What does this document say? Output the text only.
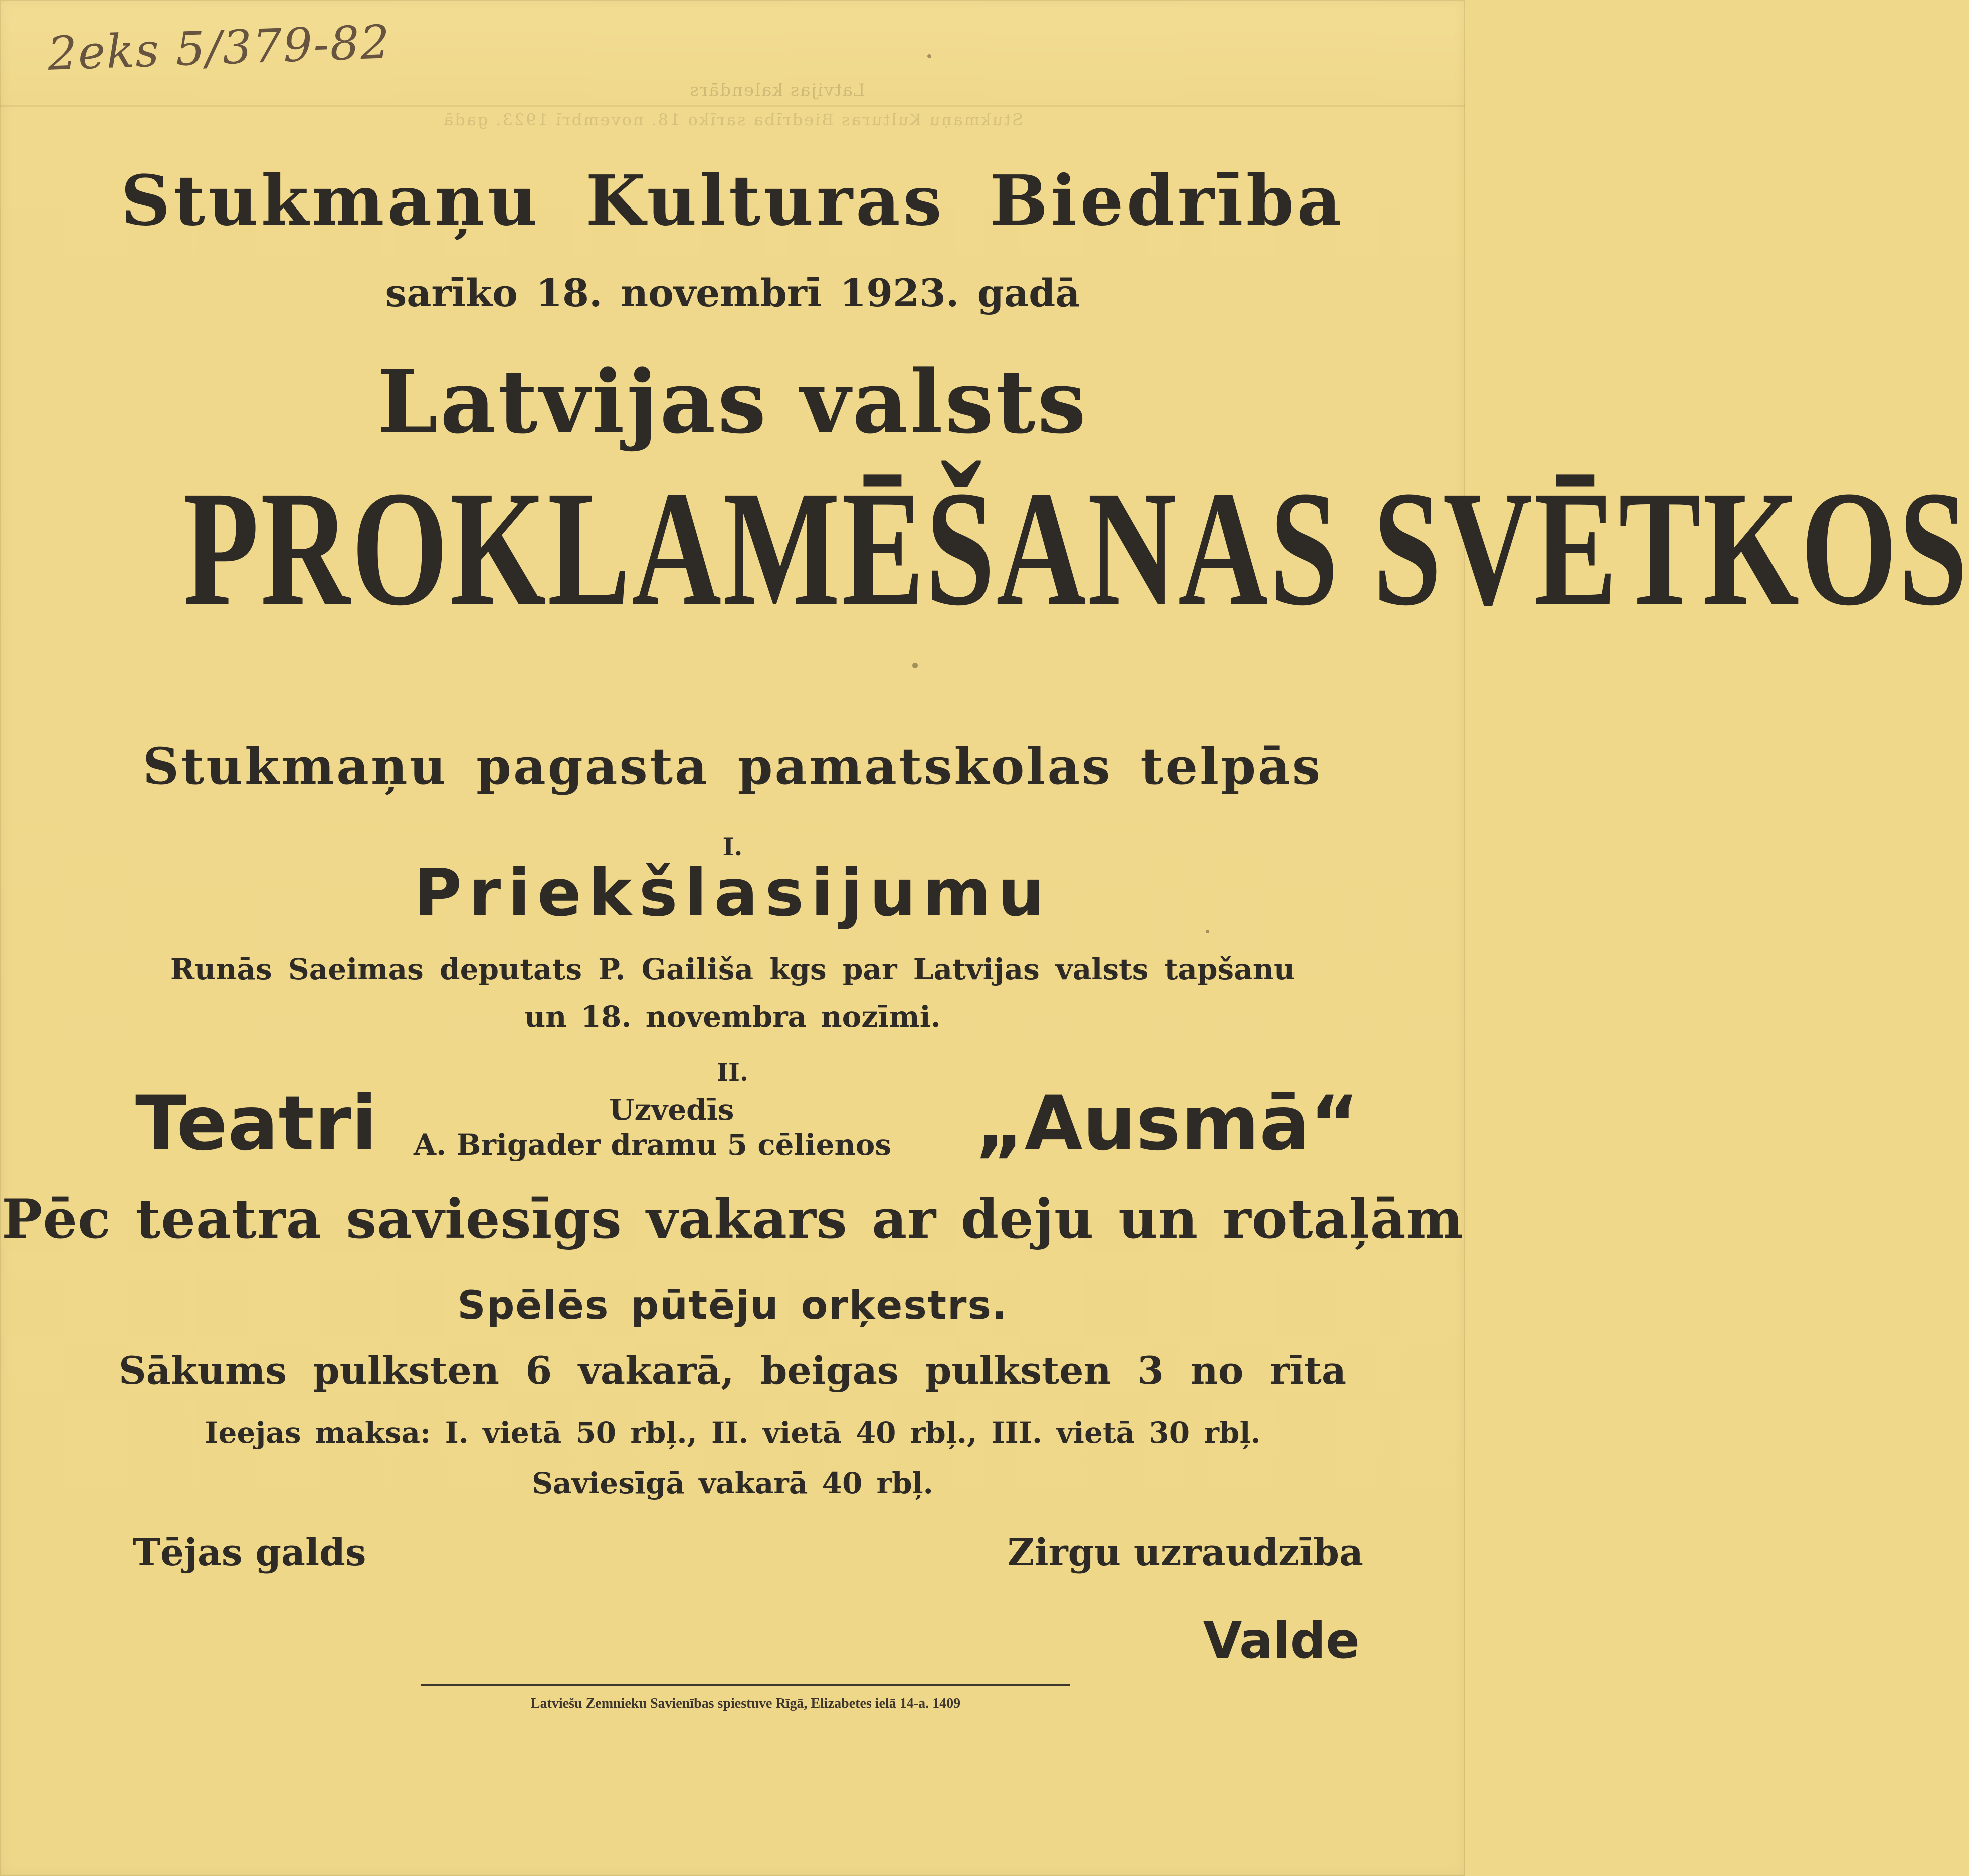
2eks 5/379-82
Latvijas kalendārs
Stukmaņu Kulturas Biedrība sarīko 18. novembrī 1923. gadā
Stukmaņu Kulturas Biedrība
sarīko 18. novembrī 1923. gadā
Latvijas valsts
PROKLAMĒŠANAS SVĒTKOS
Stukmaņu pagasta pamatskolas telpās
I.
Priekšlasijumu
Runās Saeimas deputats P. Gailiša kgs par Latvijas valsts tapšanu
un 18. novembra nozīmi.
II.
Teatri	Uzvedīs
A. Brigader dramu 5 cēlienos „Ausmā“
Pēc teatra saviesīgs vakars ar deju un rotaļām
Spēlēs pūtēju orķestrs.
Sākums pulksten 6 vakarā, beigas pulksten 3 no rīta
Ieejas maksa: I. vietā 50 rbļ., II. vietā 40 rbļ., III. vietā 30 rbļ.
Saviesīgā vakarā 40 rbļ.
Tējas galds	Zirgu uzraudzība
Valde
Latviešu Zemnieku Savienības spiestuve Rīgā, Elizabetes ielā 14-a. 1409
